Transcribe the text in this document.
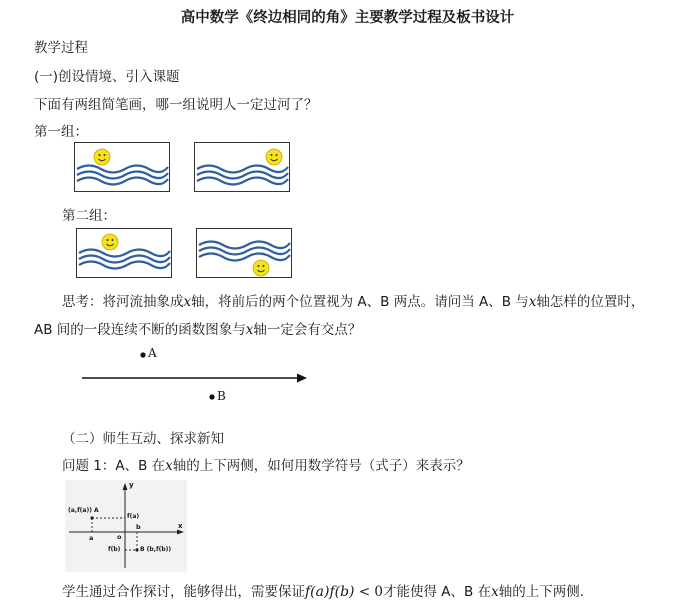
高中数学《终边相同的角》主要教学过程及板书设计
教学过程
(一)创设情境、引入课题
下面有两组简笔画，哪一组说明人一定过河了？
第一组：
第二组：
思考：将河流抽象成x轴，将前后的两个位置视为 A、B 两点。请问当 A、B 与x轴怎样的位置时，
AB 间的一段连续不断的函数图象与x轴一定会有交点？
A
B
（二）师生互动、探求新知
问题 1：A、B 在x轴的上下两侧，如何用数学符号（式子）来表示？
y
x
o
a
b
(a,f(a)) A
f(a)
f(b)	B (b,f(b))
学生通过合作探讨，能够得出，需要保证f(a)f(b) < 0才能使得 A、B 在x轴的上下两侧.
